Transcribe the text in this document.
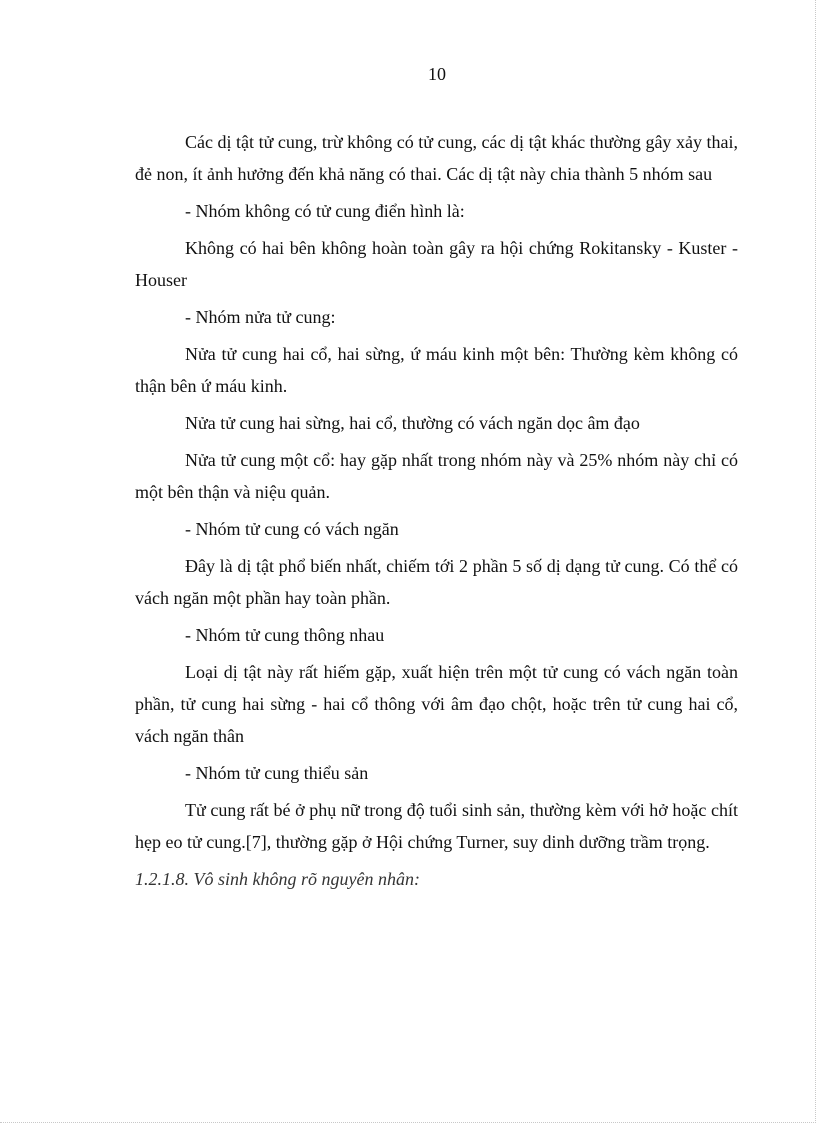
10

Các dị tật tử cung, trừ không có tử cung, các dị tật khác thường gây xảy thai, đẻ non, ít ảnh hưởng đến khả năng có thai. Các dị tật này chia thành 5 nhóm sau

- Nhóm không có tử cung điển hình là:

Không có hai bên không hoàn toàn gây ra hội chứng Rokitansky - Kuster -Houser

- Nhóm nửa tử cung:

Nửa tử cung hai cổ, hai sừng, ứ máu kinh một bên: Thường kèm không có thận bên ứ máu kinh.

Nửa tử cung hai sừng, hai cổ, thường có vách ngăn dọc âm đạo

Nửa tử cung một cổ: hay gặp nhất trong nhóm này và 25% nhóm này chỉ có một bên thận và niệu quản.

- Nhóm tử cung có vách ngăn

Đây là dị tật phổ biến nhất, chiếm tới 2 phần 5 số dị dạng tử cung. Có thể có vách ngăn một phần hay toàn phần.

- Nhóm tử cung thông nhau

Loại dị tật này rất hiếm gặp, xuất hiện trên một tử cung có vách ngăn toàn phần, tử cung hai sừng - hai cổ thông với âm đạo chột, hoặc trên tử cung hai cổ, vách ngăn thân

- Nhóm tử cung thiểu sản

Tử cung rất bé ở phụ nữ trong độ tuổi sinh sản, thường kèm với hở hoặc chít hẹp eo tử cung.[7], thường gặp ở Hội chứng Turner, suy dinh dưỡng trầm trọng.

1.2.1.8. Vô sinh không rõ nguyên nhân:
